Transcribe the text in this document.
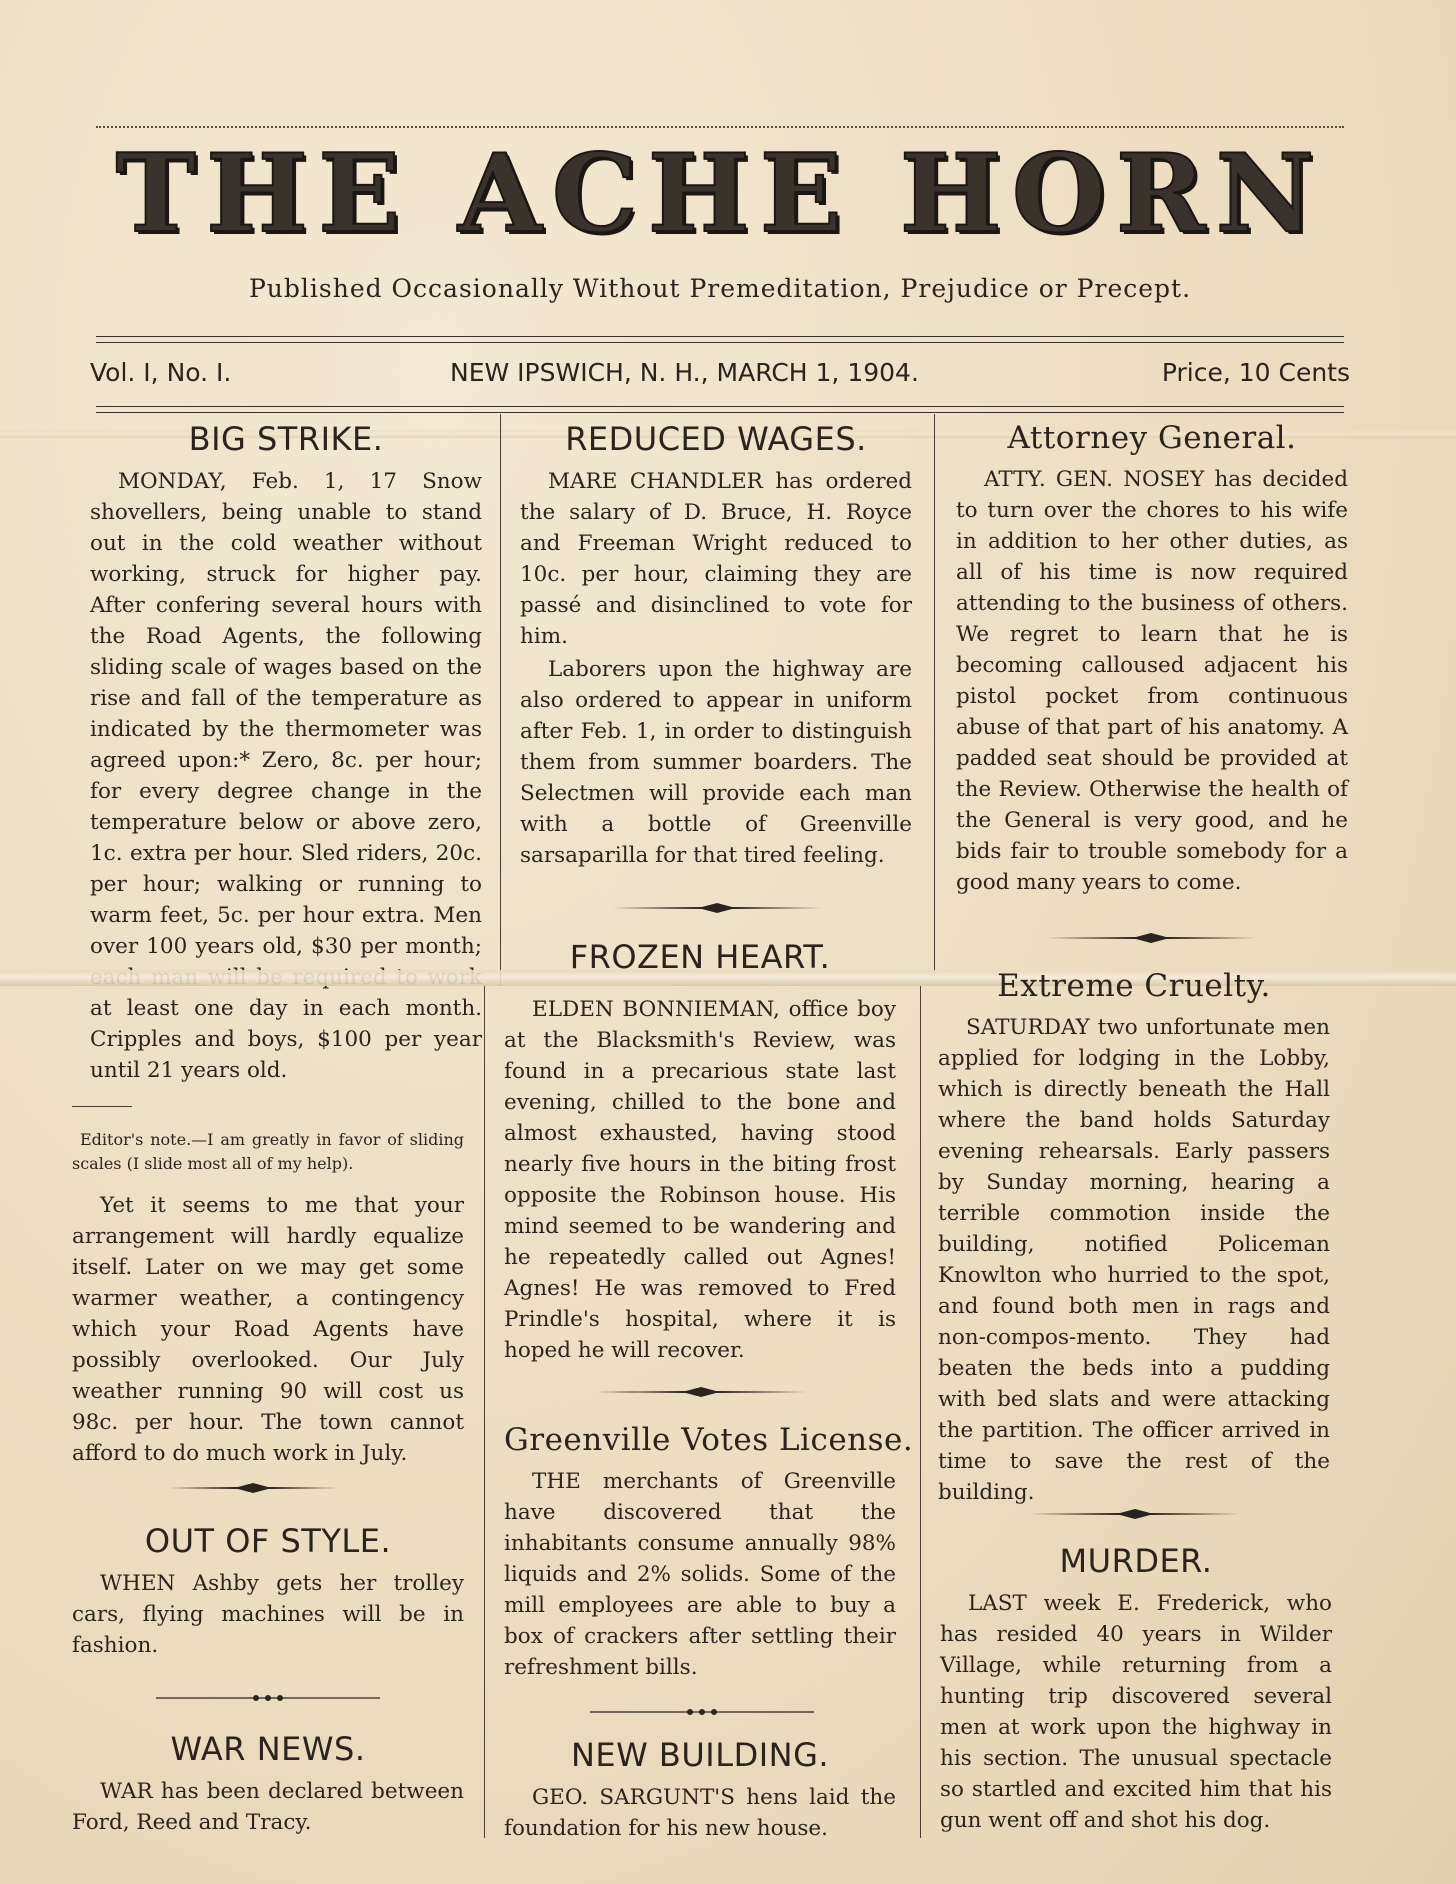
THE ACHE HORN
Published Occasionally Without Premeditation, Prejudice or Precept.
Vol. I, No. I.	NEW IPSWICH, N. H., MARCH 1, 1904.	Price, 10 Cents
BIG STRIKE.

MONDAY, Feb. 1, 17 Snow shovellers, being unable to stand out in the cold weather without working, struck for higher pay. After confering several hours with the Road Agents, the following sliding scale of wages based on the rise and fall of the temperature as indicated by the thermometer was agreed upon:* Zero, 8c. per hour; for every degree change in the temperature below or above zero, 1c. extra per hour. Sled riders, 20c. per hour; walking or running to warm feet, 5c. per hour extra. Men over 100 years old, $30 per month; at least one day in each month. Cripples and boys, $100 per year until 21 years old.

Editor's note.—I am greatly in favor of sliding scales (I slide most all of my help).

Yet it seems to me that your arrangement will hardly equalize itself. Later on we may get some warmer weather, a contingency which your Road Agents have possibly overlooked. Our July weather running 90 will cost us 98c. per hour. The town cannot afford to do much work in July.

OUT OF STYLE.

WHEN Ashby gets her trolley cars, flying machines will be in fashion.

WAR NEWS.

WAR has been declared between Ford, Reed and Tracy.

REDUCED WAGES.

MARE CHANDLER has ordered the salary of D. Bruce, H. Royce and Freeman Wright reduced to 10c. per hour, claiming they are passé and disinclined to vote for him.

Laborers upon the highway are also ordered to appear in uniform after Feb. 1, in order to distinguish them from summer boarders. The Selectmen will provide each man with a bottle of Greenville sarsaparilla for that tired feeling.

FROZEN HEART.

ELDEN BONNIEMAN, office boy at the Blacksmith's Review, was found in a precarious state last evening, chilled to the bone and almost exhausted, having stood nearly five hours in the biting frost opposite the Robinson house. His mind seemed to be wandering and he repeatedly called out Agnes! Agnes! He was removed to Fred Prindle's hospital, where it is hoped he will recover.

Greenville Votes License.

THE merchants of Greenville have discovered that the inhabitants consume annually 98% liquids and 2% solids. Some of the mill employees are able to buy a box of crackers after settling their refreshment bills.

NEW BUILDING.

GEO. SARGUNT'S hens laid the foundation for his new house.

Attorney General.

ATTY. GEN. NOSEY has decided to turn over the chores to his wife in addition to her other duties, as all of his time is now required attending to the business of others. We regret to learn that he is becoming calloused adjacent his pistol pocket from continuous abuse of that part of his anatomy. A padded seat should be provided at the Review. Otherwise the health of the General is very good, and he bids fair to trouble somebody for a good many years to come.

Extreme Cruelty.

SATURDAY two unfortunate men applied for lodging in the Lobby, which is directly beneath the Hall where the band holds Saturday evening rehearsals. Early passers by Sunday morning, hearing a terrible commotion inside the building, notified Policeman Knowlton who hurried to the spot, and found both men in rags and non-compos-mento. They had beaten the beds into a pudding with bed slats and were attacking the partition. The officer arrived in time to save the rest of the building.

MURDER.

LAST week E. Frederick, who has resided 40 years in Wilder Village, while returning from a hunting trip discovered several men at work upon the highway in his section. The unusual spectacle so startled and excited him that his gun went off and shot his dog.
